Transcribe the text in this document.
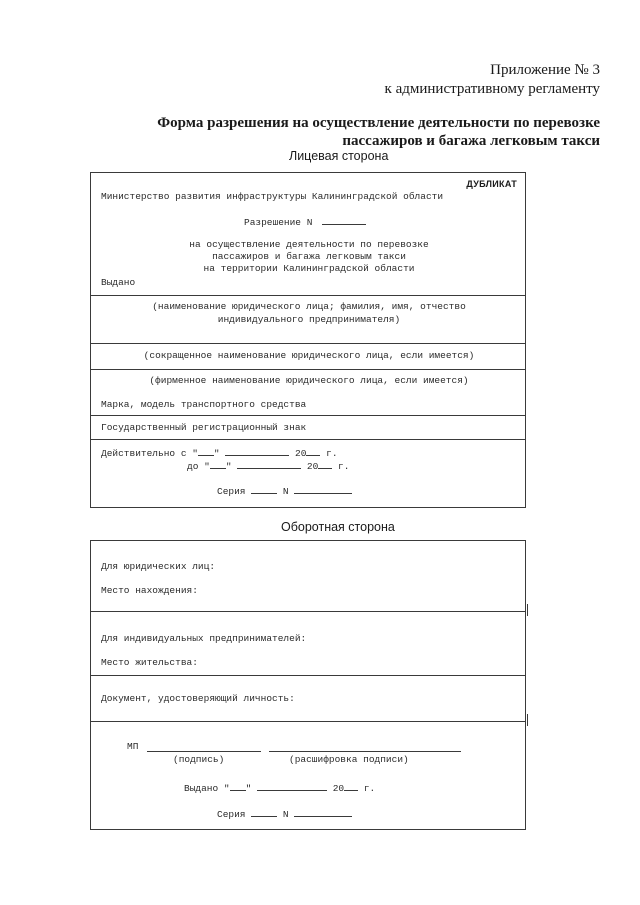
Приложение № 3
к административному регламенту
Форма разрешения на осуществление деятельности по перевозке
пассажиров и багажа легковым такси
Лицевая сторона
ДУБЛИКАТ
Министерство развития инфраструктуры Калининградской области
Разрешение N
на осуществление деятельности по перевозке
пассажиров и багажа легковым такси
на территории Калининградской области
Выдано
(наименование юридического лица; фамилия, имя, отчество
индивидуального предпринимателя)
(сокращенное наименование юридического лица, если имеется)
(фирменное наименование юридического лица, если имеется)
Марка, модель транспортного средства
Государственный регистрационный знак
Действительно с " "	20 г.
до " "	20 г.
Серия	N
Оборотная сторона
Для юридических лиц:
Место нахождения:
Для индивидуальных предпринимателей:
Место жительства:
Документ, удостоверяющий личность:
МП
(подпись)	(расшифровка подписи)
Выдано " "	20 г.
Серия	N
